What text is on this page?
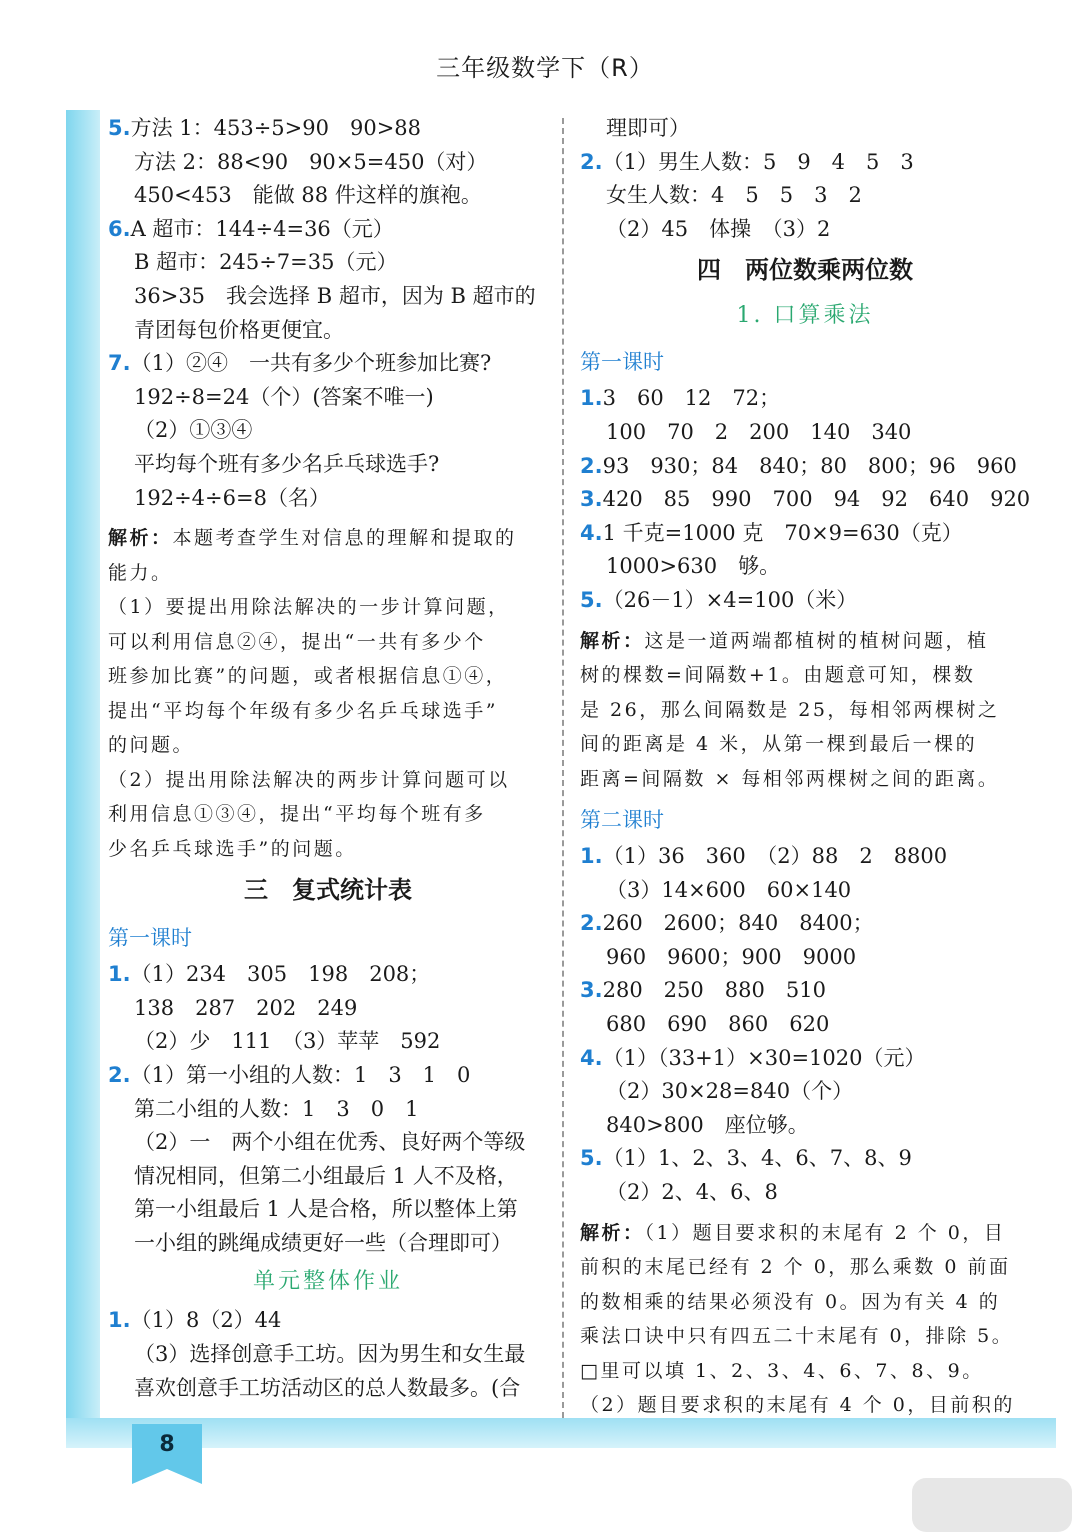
8
三年级数学下（R）
5.方法 1：453÷5>90　90>88
方法 2：88<90　90×5=450（对）
450<453　能做 88 件这样的旗袍。
6.A 超市：144÷4=36（元）
B 超市：245÷7=35（元）
36>35　我会选择 B 超市，因为 B 超市的
青团每包价格更便宜。
7.（1）②④　一共有多少个班参加比赛?
192÷8=24（个）(答案不唯一)
（2）①③④
平均每个班有多少名乒乓球选手?
192÷4÷6=8（名）
解析：本题考查学生对信息的理解和提取的
能力。
（1）要提出用除法解决的一步计算问题，
可以利用信息②④，提出“一共有多少个
班参加比赛”的问题，或者根据信息①④，
提出“平均每个年级有多少名乒乓球选手”
的问题。
（2）提出用除法解决的两步计算问题可以
利用信息①③④，提出“平均每个班有多
少名乒乓球选手”的问题。
三　复式统计表
第一课时
1.（1）234　305　198　208；
138　287　202　249
（2）少　111　（3）苹苹　592
2.（1）第一小组的人数：1　3　1　0
第二小组的人数：1　3　0　1
（2）一　两个小组在优秀、良好两个等级
情况相同，但第二小组最后 1 人不及格，
第一小组最后 1 人是合格，所以整体上第
一小组的跳绳成绩更好一些（合理即可）
单元整体作业
1.（1）8（2）44
（3）选择创意手工坊。因为男生和女生最
喜欢创意手工坊活动区的总人数最多。(合
理即可）
2.（1）男生人数：5　9　4　5　3
女生人数：4　5　5　3　2
（2）45　体操　（3）2
四　两位数乘两位数
1. 口算乘法
第一课时
1.3　60　12　72；
100　70　2　200　140　340
2.93　930；84　840；80　800；96　960
3.420　85　990　700　94　92　640　920
4.1 千克=1000 克　70×9=630（克）
1000>630　够。
5.（26－1）×4=100（米）
解析：这是一道两端都植树的植树问题，植
树的棵数=间隔数+1。由题意可知，棵数
是 26，那么间隔数是 25，每相邻两棵树之
间的距离是 4 米，从第一棵到最后一棵的
距离=间隔数 × 每相邻两棵树之间的距离。
第二课时
1.（1）36　360　（2）88　2　8800
（3）14×600　60×140
2.260　2600；840　8400；
960　9600；900　9000
3.280　250　880　510
680　690　860　620
4.（1）（33+1）×30=1020（元）
（2）30×28=840（个）
840>800　座位够。
5.（1）1、2、3、4、6、7、8、9
（2）2、4、6、8
解析：（1）题目要求积的末尾有 2 个 0，目
前积的末尾已经有 2 个 0，那么乘数 0 前面
的数相乘的结果必须没有 0。因为有关 4 的
乘法口诀中只有四五二十末尾有 0，排除 5。
□里可以填 1、2、3、4、6、7、8、9。
（2）题目要求积的末尾有 4 个 0，目前积的
